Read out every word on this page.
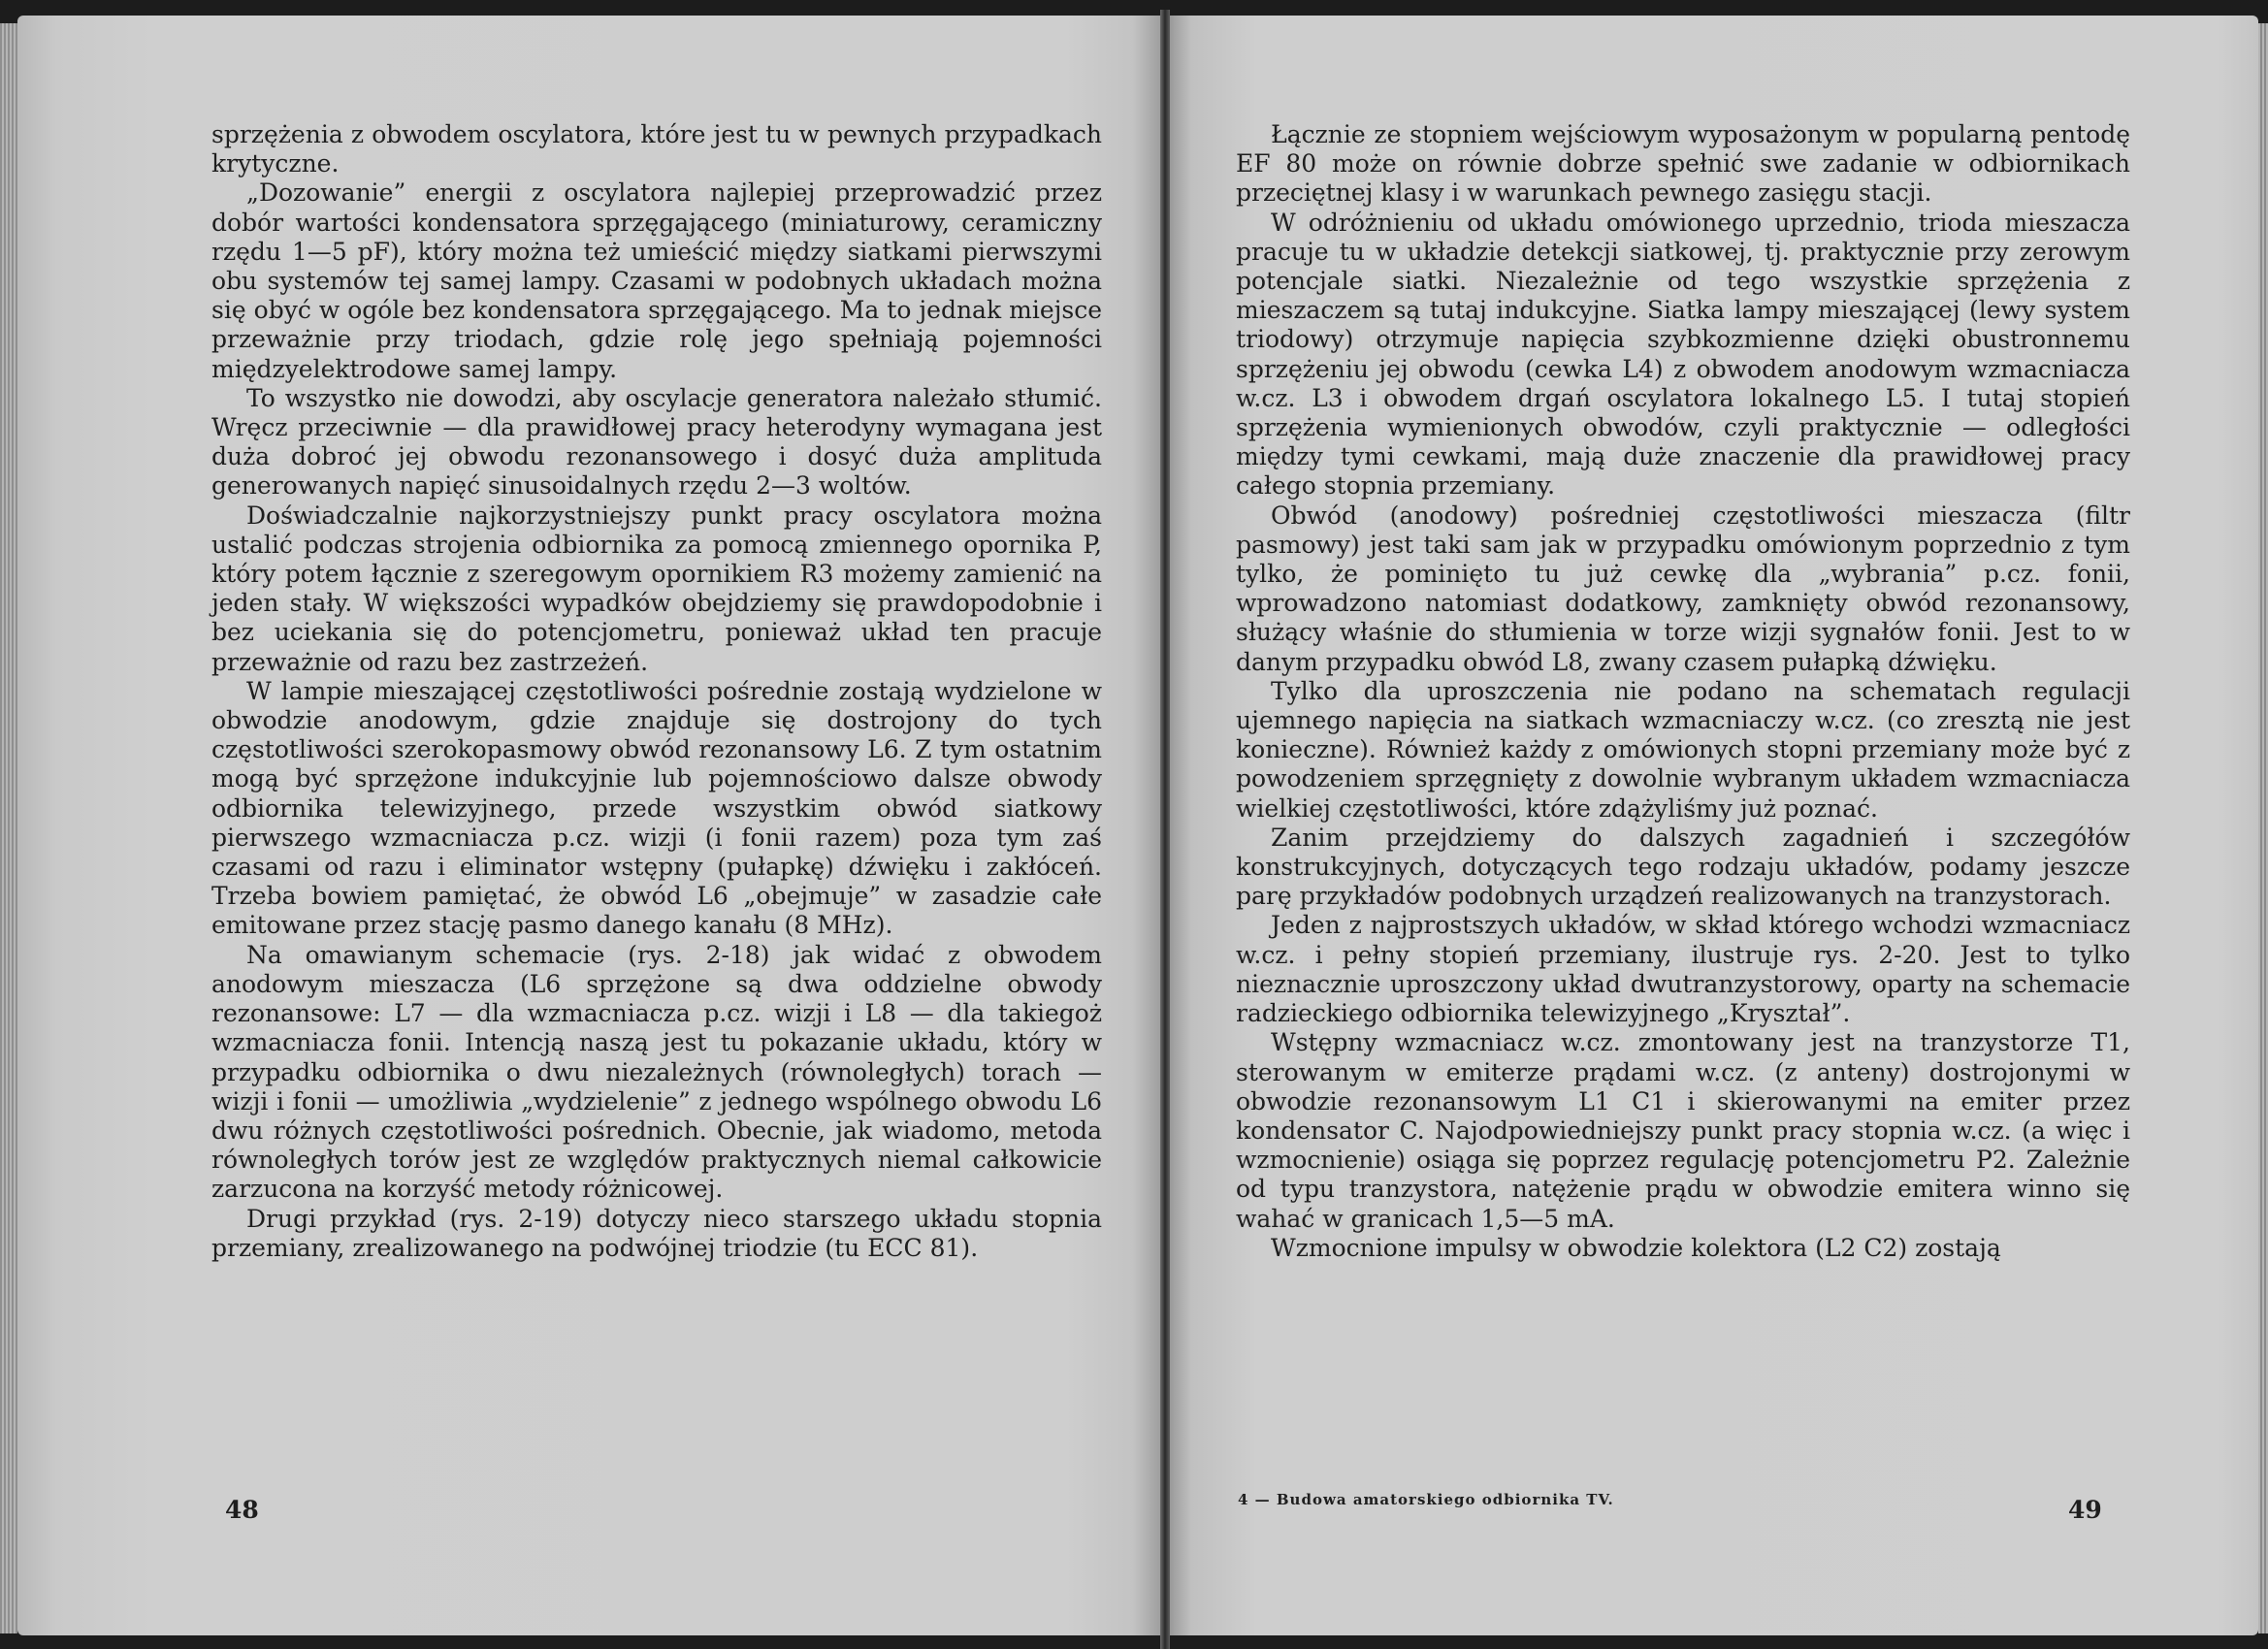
sprzężenia z obwodem oscylatora, które jest tu w pewnych przypadkach krytyczne.

„Dozowanie” energii z oscylatora najlepiej przeprowadzić przez dobór wartości kondensatora sprzęgającego (miniaturowy, ceramiczny rzędu 1—5 pF), który można też umieścić między siatkami pierwszymi obu systemów tej samej lampy. Czasami w podobnych układach można się obyć w ogóle bez kondensatora sprzęgającego. Ma to jednak miejsce przeważnie przy triodach, gdzie rolę jego spełniają pojemności międzyelektrodowe samej lampy.

To wszystko nie dowodzi, aby oscylacje generatora należało stłumić. Wręcz przeciwnie — dla prawidłowej pracy heterodyny wymagana jest duża dobroć jej obwodu rezonansowego i dosyć duża amplituda generowanych napięć sinusoidalnych rzędu 2—3 woltów.

Doświadczalnie najkorzystniejszy punkt pracy oscylatora można ustalić podczas strojenia odbiornika za pomocą zmiennego opornika P, który potem łącznie z szeregowym opornikiem R3 możemy zamienić na jeden stały. W większości wypadków obejdziemy się prawdopodobnie i bez uciekania się do potencjometru, ponieważ układ ten pracuje przeważnie od razu bez zastrzeżeń.

W lampie mieszającej częstotliwości pośrednie zostają wydzielone w obwodzie anodowym, gdzie znajduje się dostrojony do tych częstotliwości szerokopasmowy obwód rezonansowy L6. Z tym ostatnim mogą być sprzężone indukcyjnie lub pojemnościowo dalsze obwody odbiornika telewizyjnego, przede wszystkim obwód siatkowy pierwszego wzmacniacza p.cz. wizji (i fonii razem) poza tym zaś czasami od razu i eliminator wstępny (pułapkę) dźwięku i zakłóceń. Trzeba bowiem pamiętać, że obwód L6 „obejmuje” w zasadzie całe emitowane przez stację pasmo danego kanału (8 MHz).

Na omawianym schemacie (rys. 2-18) jak widać z obwodem anodowym mieszacza (L6 sprzężone są dwa oddzielne obwody rezonansowe: L7 — dla wzmacniacza p.cz. wizji i L8 — dla takiegoż wzmacniacza fonii. Intencją naszą jest tu pokazanie układu, który w przypadku odbiornika o dwu niezależnych (równoległych) torach — wizji i fonii — umożliwia „wydzielenie” z jednego wspólnego obwodu L6 dwu różnych częstotliwości pośrednich. Obecnie, jak wiadomo, metoda równoległych torów jest ze względów praktycznych niemal całkowicie zarzucona na korzyść metody różnicowej.

Drugi przykład (rys. 2-19) dotyczy nieco starszego układu stopnia przemiany, zrealizowanego na podwójnej triodzie (tu ECC 81).

48

Łącznie ze stopniem wejściowym wyposażonym w popularną pentodę EF 80 może on równie dobrze spełnić swe zadanie w odbiornikach przeciętnej klasy i w warunkach pewnego zasięgu stacji.

W odróżnieniu od układu omówionego uprzednio, trioda mieszacza pracuje tu w układzie detekcji siatkowej, tj. praktycznie przy zerowym potencjale siatki. Niezależnie od tego wszystkie sprzężenia z mieszaczem są tutaj indukcyjne. Siatka lampy mieszającej (lewy system triodowy) otrzymuje napięcia szybkozmienne dzięki obustronnemu sprzężeniu jej obwodu (cewka L4) z obwodem anodowym wzmacniacza w.cz. L3 i obwodem drgań oscylatora lokalnego L5. I tutaj stopień sprzężenia wymienionych obwodów, czyli praktycznie — odległości między tymi cewkami, mają duże znaczenie dla prawidłowej pracy całego stopnia przemiany.

Obwód (anodowy) pośredniej częstotliwości mieszacza (filtr pasmowy) jest taki sam jak w przypadku omówionym poprzednio z tym tylko, że pominięto tu już cewkę dla „wybrania” p.cz. fonii, wprowadzono natomiast dodatkowy, zamknięty obwód rezonansowy, służący właśnie do stłumienia w torze wizji sygnałów fonii. Jest to w danym przypadku obwód L8, zwany czasem pułapką dźwięku.

Tylko dla uproszczenia nie podano na schematach regulacji ujemnego napięcia na siatkach wzmacniaczy w.cz. (co zresztą nie jest konieczne). Również każdy z omówionych stopni przemiany może być z powodzeniem sprzęgnięty z dowolnie wybranym układem wzmacniacza wielkiej częstotliwości, które zdążyliśmy już poznać.

Zanim przejdziemy do dalszych zagadnień i szczegółów konstrukcyjnych, dotyczących tego rodzaju układów, podamy jeszcze parę przykładów podobnych urządzeń realizowanych na tranzystorach.

Jeden z najprostszych układów, w skład którego wchodzi wzmacniacz w.cz. i pełny stopień przemiany, ilustruje rys. 2-20. Jest to tylko nieznacznie uproszczony układ dwutranzystorowy, oparty na schemacie radzieckiego odbiornika telewizyjnego „Kryształ”.

Wstępny wzmacniacz w.cz. zmontowany jest na tranzystorze T1, sterowanym w emiterze prądami w.cz. (z anteny) dostrojonymi w obwodzie rezonansowym L1 C1 i skierowanymi na emiter przez kondensator C. Najodpowiedniejszy punkt pracy stopnia w.cz. (a więc i wzmocnienie) osiąga się poprzez regulację potencjometru P2. Zależnie od typu tranzystora, natężenie prądu w obwodzie emitera winno się wahać w granicach 1,5—5 mA.

Wzmocnione impulsy w obwodzie kolektora (L2 C2) zostają

4 — Budowa amatorskiego odbiornika TV.	49
